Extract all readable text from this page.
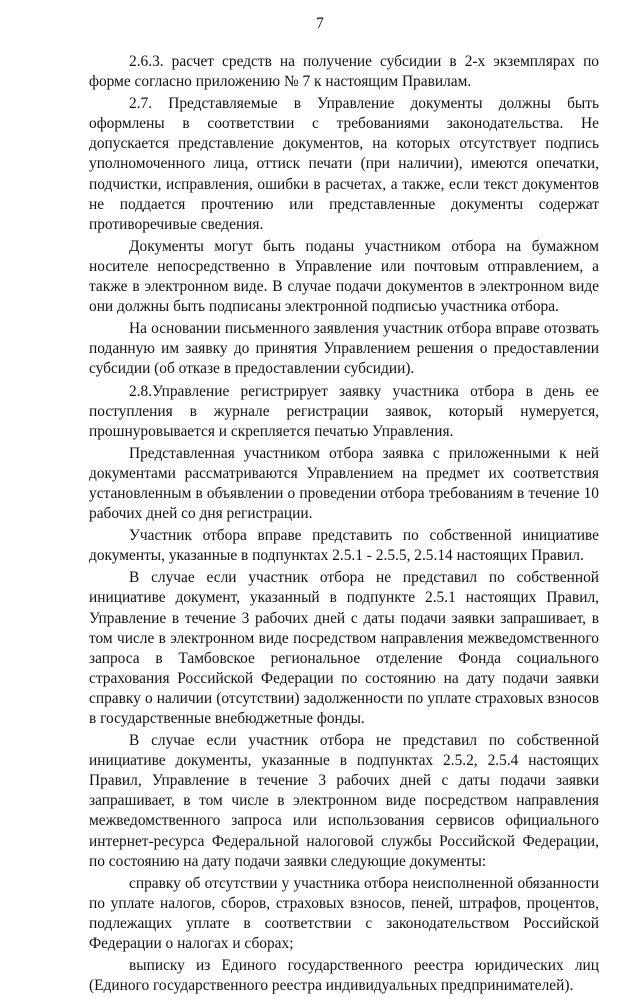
7

2.6.3. расчет средств на получение субсидии в 2-х экземплярах по форме согласно приложению № 7 к настоящим Правилам.

2.7. Представляемые в Управление документы должны быть оформлены в соответствии с требованиями законодательства. Не допускается представление документов, на которых отсутствует подпись уполномоченного лица, оттиск печати (при наличии), имеются опечатки, подчистки, исправления, ошибки в расчетах, а также, если текст документов не поддается прочтению или представленные документы содержат противоречивые сведения.

Документы могут быть поданы участником отбора на бумажном носителе непосредственно в Управление или почтовым отправлением, а также в электронном виде. В случае подачи документов в электронном виде они должны быть подписаны электронной подписью участника отбора.

На основании письменного заявления участник отбора вправе отозвать поданную им заявку до принятия Управлением решения о предоставлении субсидии (об отказе в предоставлении субсидии).

2.8.Управление регистрирует заявку участника отбора в день ее поступления в журнале регистрации заявок, который нумеруется, прошнуровывается и скрепляется печатью Управления.

Представленная участником отбора заявка с приложенными к ней документами рассматриваются Управлением на предмет их соответствия установленным в объявлении о проведении отбора требованиям в течение 10 рабочих дней со дня регистрации.

Участник отбора вправе представить по собственной инициативе документы, указанные в подпунктах 2.5.1 - 2.5.5, 2.5.14 настоящих Правил.

В случае если участник отбора не представил по собственной инициативе документ, указанный в подпункте 2.5.1 настоящих Правил, Управление в течение 3 рабочих дней с даты подачи заявки запрашивает, в том числе в электронном виде посредством направления межведомственного запроса в Тамбовское региональное отделение Фонда социального страхования Российской Федерации по состоянию на дату подачи заявки справку о наличии (отсутствии) задолженности по уплате страховых взносов в государственные внебюджетные фонды.

В случае если участник отбора не представил по собственной инициативе документы, указанные в подпунктах 2.5.2, 2.5.4 настоящих Правил, Управление в течение 3 рабочих дней с даты подачи заявки запрашивает, в том числе в электронном виде посредством направления межведомственного запроса или использования сервисов официального интернет-ресурса Федеральной налоговой службы Российской Федерации, по состоянию на дату подачи заявки следующие документы:

справку об отсутствии у участника отбора неисполненной обязанности по уплате налогов, сборов, страховых взносов, пеней, штрафов, процентов, подлежащих уплате в соответствии с законодательством Российской Федерации о налогах и сборах;

выписку из Единого государственного реестра юридических лиц (Единого государственного реестра индивидуальных предпринимателей).
